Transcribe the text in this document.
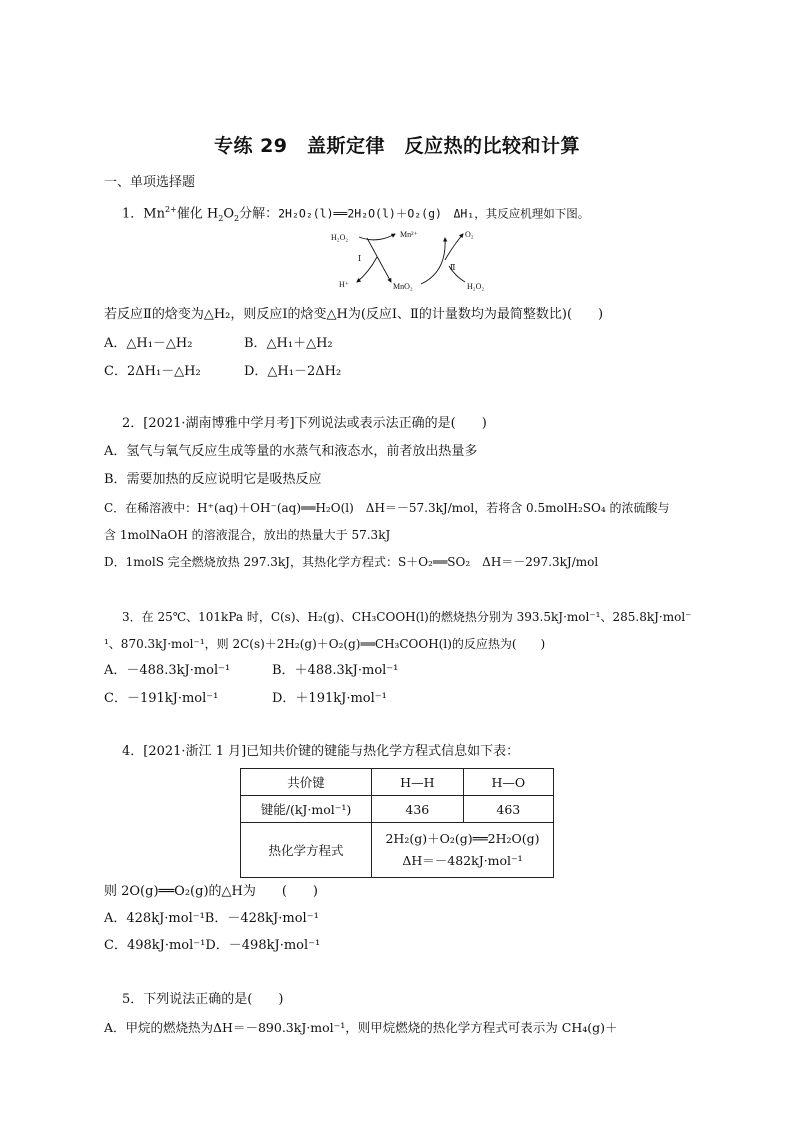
专练 29　盖斯定律　反应热的比较和计算
一、单项选择题
1．$Mn^{2+}$催化 $H_2O_2$分解：2H₂O₂(l)══2H₂O(l)＋O₂(g)　ΔH₁，其反应机理如下图。
H₂O₂	Mn²⁺	O₂
Ⅰ
Ⅱ
H⁺	MnO₂	H₂O₂
若反应Ⅱ的焓变为△H₂，则反应Ⅰ的焓变△H为(反应Ⅰ、Ⅱ的计量数均为最简整数比)(　　)
A．△H₁－△H₂	B．△H₁＋△H₂
C．2ΔH₁－△H₂	D．△H₁－2ΔH₂
2．[2021·湖南博雅中学月考]下列说法或表示法正确的是(　　)
A．氢气与氧气反应生成等量的水蒸气和液态水，前者放出热量多
B．需要加热的反应说明它是吸热反应
C．在稀溶液中：H⁺(aq)＋OH⁻(aq)══H₂O(l)　ΔH＝－57.3kJ/mol，若将含 0.5molH₂SO₄ 的浓硫酸与
含 1molNaOH 的溶液混合，放出的热量大于 57.3kJ
D．1molS 完全燃烧放热 297.3kJ，其热化学方程式：S＋O₂══SO₂　ΔH＝－297.3kJ/mol
3．在 25℃、101kPa 时，C(s)、H₂(g)、CH₃COOH(l)的燃烧热分别为 393.5kJ·mol⁻¹、285.8kJ·mol⁻
¹、870.3kJ·mol⁻¹，则 2C(s)＋2H₂(g)＋O₂(g)══CH₃COOH(l)的反应热为(　　)
A．－488.3kJ·mol⁻¹	B．＋488.3kJ·mol⁻¹
C．－191kJ·mol⁻¹	D．＋191kJ·mol⁻¹
4．[2021·浙江 1 月]已知共价键的键能与热化学方程式信息如下表：
共价键	H—H	H—O
键能/(kJ·mol⁻¹)	436	463
热化学方程式	2H₂(g)＋O₂(g)══2H₂O(g)
ΔH＝－482kJ·mol⁻¹	
则 2O(g)══O₂(g)的△H为　　(　　)
A．428kJ·mol⁻¹B．－428kJ·mol⁻¹
C．498kJ·mol⁻¹D．－498kJ·mol⁻¹
5．下列说法正确的是(　　)
A．甲烷的燃烧热为ΔH＝－890.3kJ·mol⁻¹，则甲烷燃烧的热化学方程式可表示为 CH₄(g)＋
